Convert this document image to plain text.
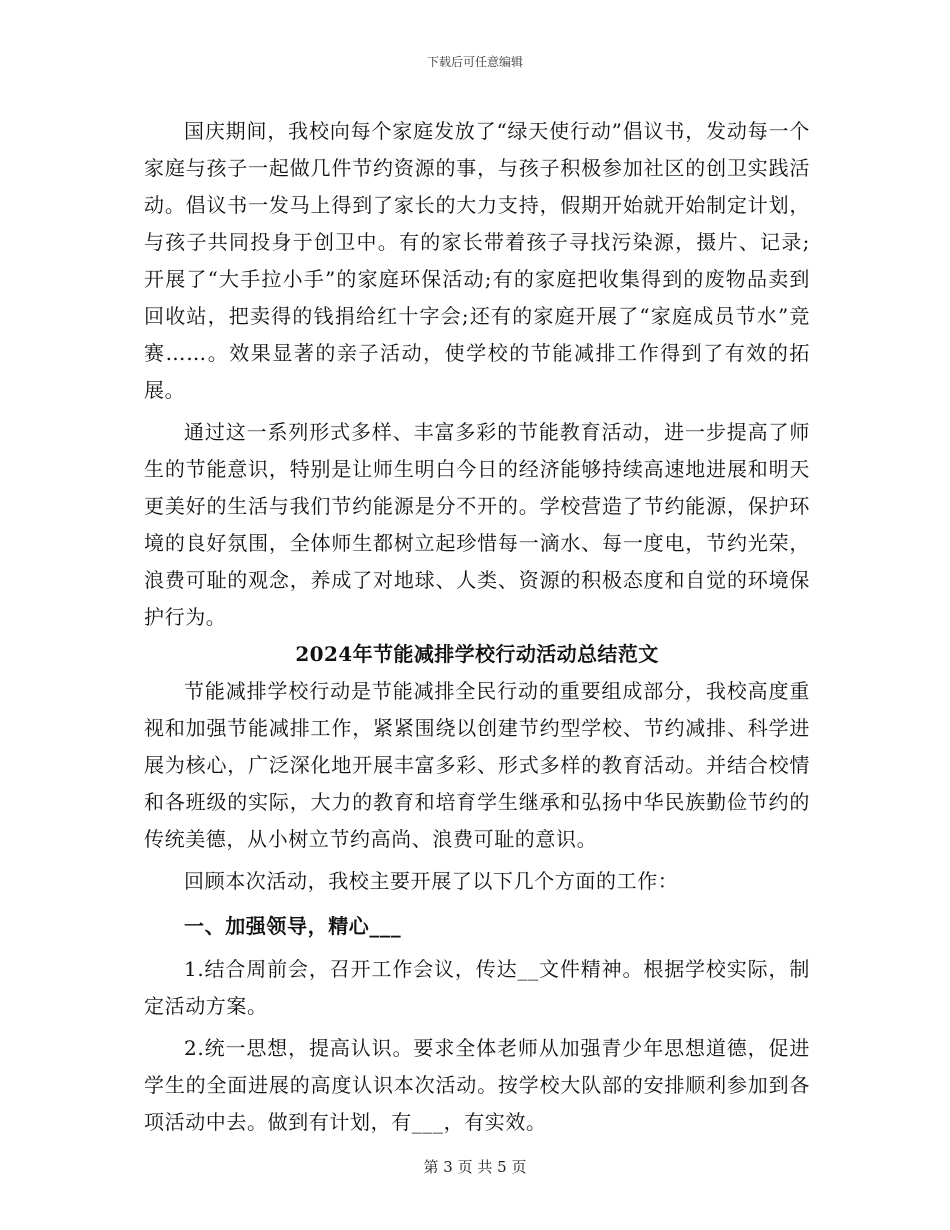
下载后可任意编辑

国庆期间，我校向每个家庭发放了“绿天使行动”倡议书，发动每一个家庭与孩子一起做几件节约资源的事，与孩子积极参加社区的创卫实践活动。倡议书一发马上得到了家长的大力支持，假期开始就开始制定计划，与孩子共同投身于创卫中。有的家长带着孩子寻找污染源，摄片、记录;开展了“大手拉小手”的家庭环保活动;有的家庭把收集得到的废物品卖到回收站，把卖得的钱捐给红十字会;还有的家庭开展了“家庭成员节水”竞赛……。效果显著的亲子活动，使学校的节能减排工作得到了有效的拓展。

通过这一系列形式多样、丰富多彩的节能教育活动，进一步提高了师生的节能意识，特别是让师生明白今日的经济能够持续高速地进展和明天更美好的生活与我们节约能源是分不开的。学校营造了节约能源，保护环境的良好氛围，全体师生都树立起珍惜每一滴水、每一度电，节约光荣，浪费可耻的观念，养成了对地球、人类、资源的积极态度和自觉的环境保护行为。

2024年节能减排学校行动活动总结范文

节能减排学校行动是节能减排全民行动的重要组成部分，我校高度重视和加强节能减排工作，紧紧围绕以创建节约型学校、节约减排、科学进展为核心，广泛深化地开展丰富多彩、形式多样的教育活动。并结合校情和各班级的实际，大力的教育和培育学生继承和弘扬中华民族勤俭节约的传统美德，从小树立节约高尚、浪费可耻的意识。

回顾本次活动，我校主要开展了以下几个方面的工作：

一、加强领导，精心___

1.结合周前会，召开工作会议，传达__文件精神。根据学校实际，制定活动方案。

2.统一思想，提高认识。要求全体老师从加强青少年思想道德，促进学生的全面进展的高度认识本次活动。按学校大队部的安排顺利参加到各项活动中去。做到有计划，有___，有实效。

第 3 页 共 5 页
